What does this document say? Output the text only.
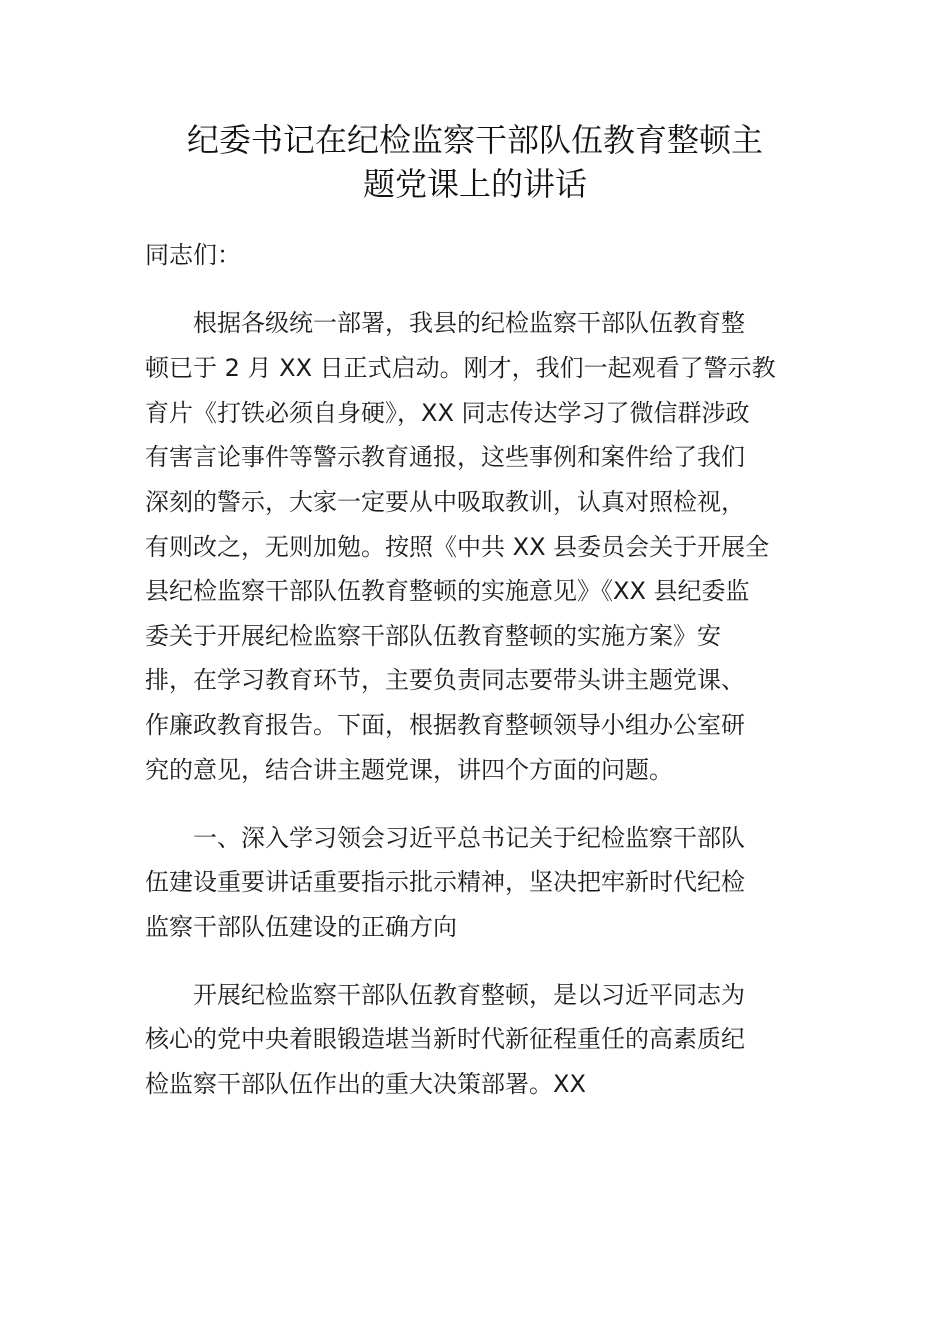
纪委书记在纪检监察干部队伍教育整顿主
题党课上的讲话
同志们：
根据各级统一部署，我县的纪检监察干部队伍教育整
顿已于 2 月 XX 日正式启动。刚才，我们一起观看了警示教
育片《打铁必须自身硬》，XX 同志传达学习了微信群涉政
有害言论事件等警示教育通报，这些事例和案件给了我们
深刻的警示，大家一定要从中吸取教训，认真对照检视，
有则改之，无则加勉。按照《中共 XX 县委员会关于开展全
县纪检监察干部队伍教育整顿的实施意见》《XX 县纪委监
委关于开展纪检监察干部队伍教育整顿的实施方案》安
排，在学习教育环节，主要负责同志要带头讲主题党课、
作廉政教育报告。下面，根据教育整顿领导小组办公室研
究的意见，结合讲主题党课，讲四个方面的问题。
一、深入学习领会习近平总书记关于纪检监察干部队
伍建设重要讲话重要指示批示精神，坚决把牢新时代纪检
监察干部队伍建设的正确方向
开展纪检监察干部队伍教育整顿，是以习近平同志为
核心的党中央着眼锻造堪当新时代新征程重任的高素质纪
检监察干部队伍作出的重大决策部署。XX
